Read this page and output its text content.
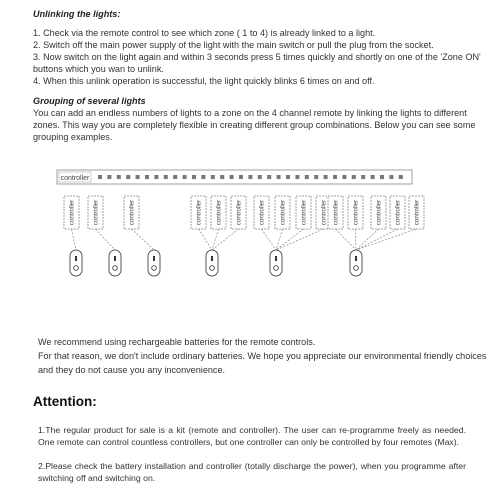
Unlinking the lights:

1. Check via the remote control to see which zone ( 1 to 4) is already linked to a light.

2. Switch off the main power supply of the light with the main switch or pull the plug from the socket.

3. Now switch on the light again and within 3 seconds press 5 times quickly and shortly on one of the 'Zone ON'

buttons which you wan to unlink.

4. When this unlink operation is successful, the light quickly blinks 6 times on and off.

Grouping of several lights

You can add an endless numbers of lights to a zone on the 4 channel remote by linking the lights to different

zones. This way you are completely flexible in creating different group combinations. Below you can see some

grouping examples.

controller
controller	controller	controller	controller controller controller	controller controller controller controller controller controller	controller controller controller

We recommend using rechargeable batteries for the remote controls.

For that reason, we don't include ordinary batteries. We hope you appreciate our environmental friendly choices

and they do not cause you any inconvenience.

Attention:

1.The regular product for sale is a kit (remote and controller). The user can re-programme freely as needed. One remote can control countless controllers, but one controller can only be controlled by four remotes (Max).

2.Please check the battery installation and controller (totally discharge the power), when you programme after switching off and switching on.
